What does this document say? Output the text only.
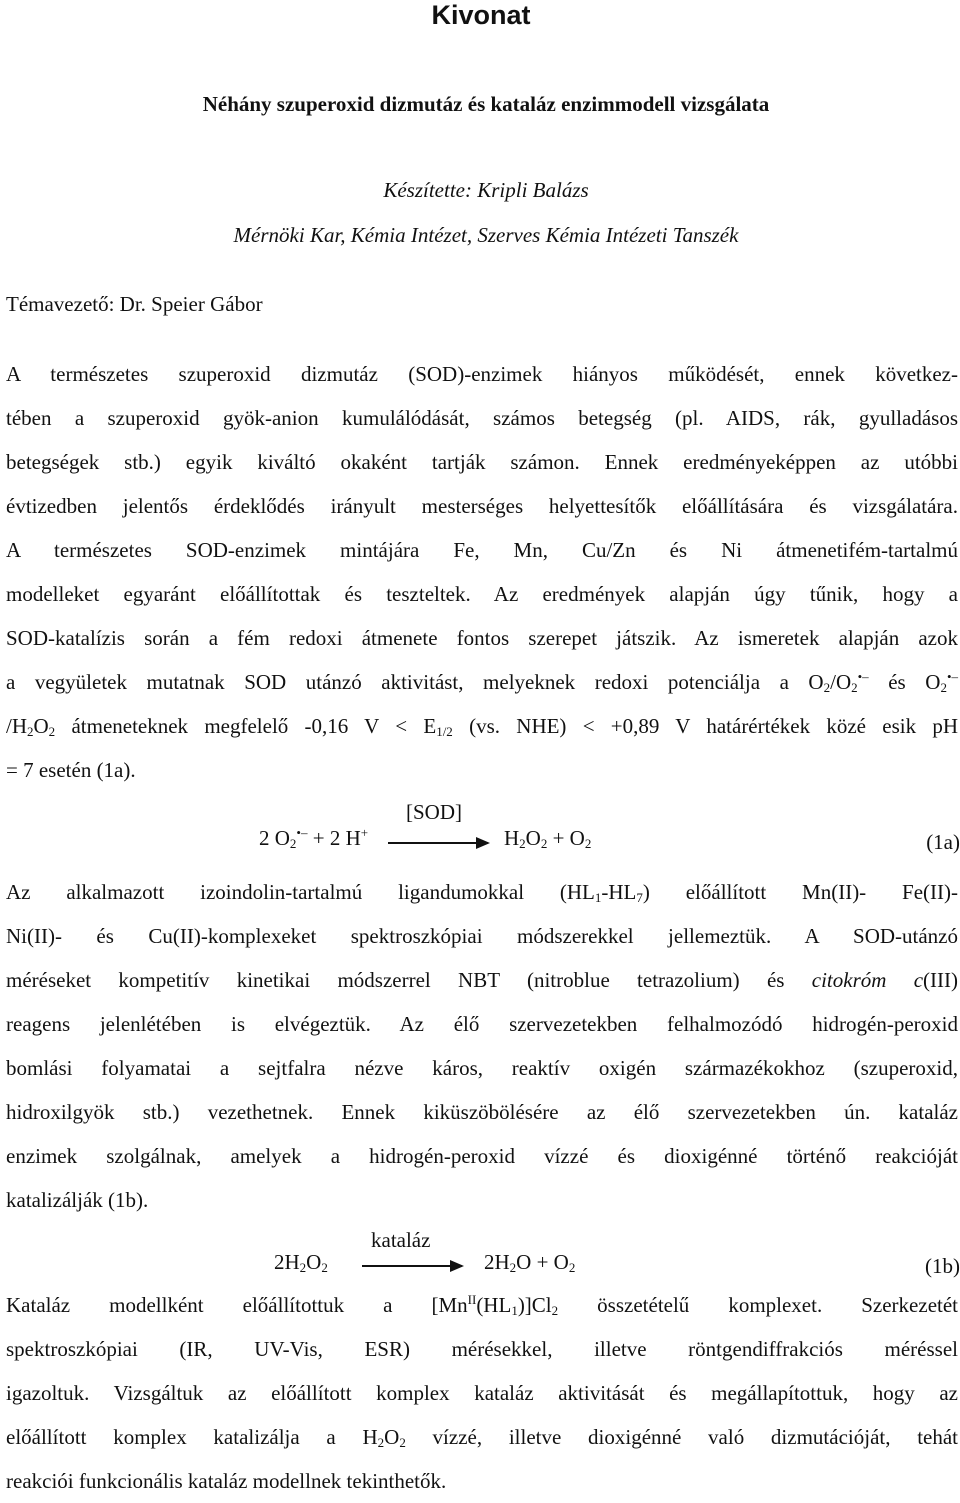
Kivonat
Néhány szuperoxid dizmutáz és kataláz enzimmodell vizsgálata
Készítette: Kripli Balázs
Mérnöki Kar, Kémia Intézet, Szerves Kémia Intézeti Tanszék
Témavezető: Dr. Speier Gábor
A természetes szuperoxid dizmutáz (SOD)-enzimek hiányos működését, ennek következ-
tében a szuperoxid gyök-anion kumulálódását, számos betegség (pl. AIDS, rák, gyulladásos
betegségek stb.) egyik kiváltó okaként tartják számon. Ennek eredményeképpen az utóbbi
évtizedben jelentős érdeklődés irányult mesterséges helyettesítők előállítására és vizsgálatára.
A természetes SOD-enzimek mintájára Fe, Mn, Cu/Zn és Ni átmenetifém-tartalmú
modelleket egyaránt előállítottak és teszteltek. Az eredmények alapján úgy tűnik, hogy a
SOD-katalízis során a fém redoxi átmenete fontos szerepet játszik. Az ismeretek alapján azok
a vegyületek mutatnak SOD utánzó aktivitást, melyeknek redoxi potenciálja a $O_2/O_2^{•-}$ és $O_2^{•-}$
$/H_2O_2$ átmeneteknek megfelelő -0,16 $V < E_{1/2}$ (vs. NHE) < +0,89 V határértékek közé esik pH
= 7 esetén (1a).
2 $O_2^{•-} + 2$ H+
[SOD]
$H_2O_2 + O_2$	(1a)
Az alkalmazott izoindolin-tartalmú ligandumokkal $(HL_1-HL_7)$ előállított Mn(II)- Fe(II)-
Ni(II)- és Cu(II)-komplexeket spektroszkópiai módszerekkel jellemeztük. A SOD-utánzó
méréseket kompetitív kinetikai módszerrel NBT (nitroblue tetrazolium) és citokróm c(III)
reagens jelenlétében is elvégeztük. Az élő szervezetekben felhalmozódó hidrogén-peroxid
bomlási folyamatai a sejtfalra nézve káros, reaktív oxigén származékokhoz (szuperoxid,
hidroxilgyök stb.) vezethetnek. Ennek kiküszöbölésére az élő szervezetekben ún. kataláz
enzimek szolgálnak, amelyek a hidrogén-peroxid vízzé és dioxigénné történő reakcióját
katalizálják (1b).
$2H_2O_2$
kataláz
$2H_2O + O_2$	(1b)
Kataláz modellként előállítottuk a $[Mn^{II}(HL_1)]Cl_2$ összetételű komplexet. Szerkezetét
spektroszkópiai (IR, UV-Vis, ESR) mérésekkel, illetve röntgendiffrakciós méréssel
igazoltuk. Vizsgáltuk az előállított komplex kataláz aktivitását és megállapítottuk, hogy az
előállított komplex katalizálja a $H_2O_2$ vízzé, illetve dioxigénné való dizmutációját, tehát
reakciói funkcionális kataláz modellnek tekinthetők.
